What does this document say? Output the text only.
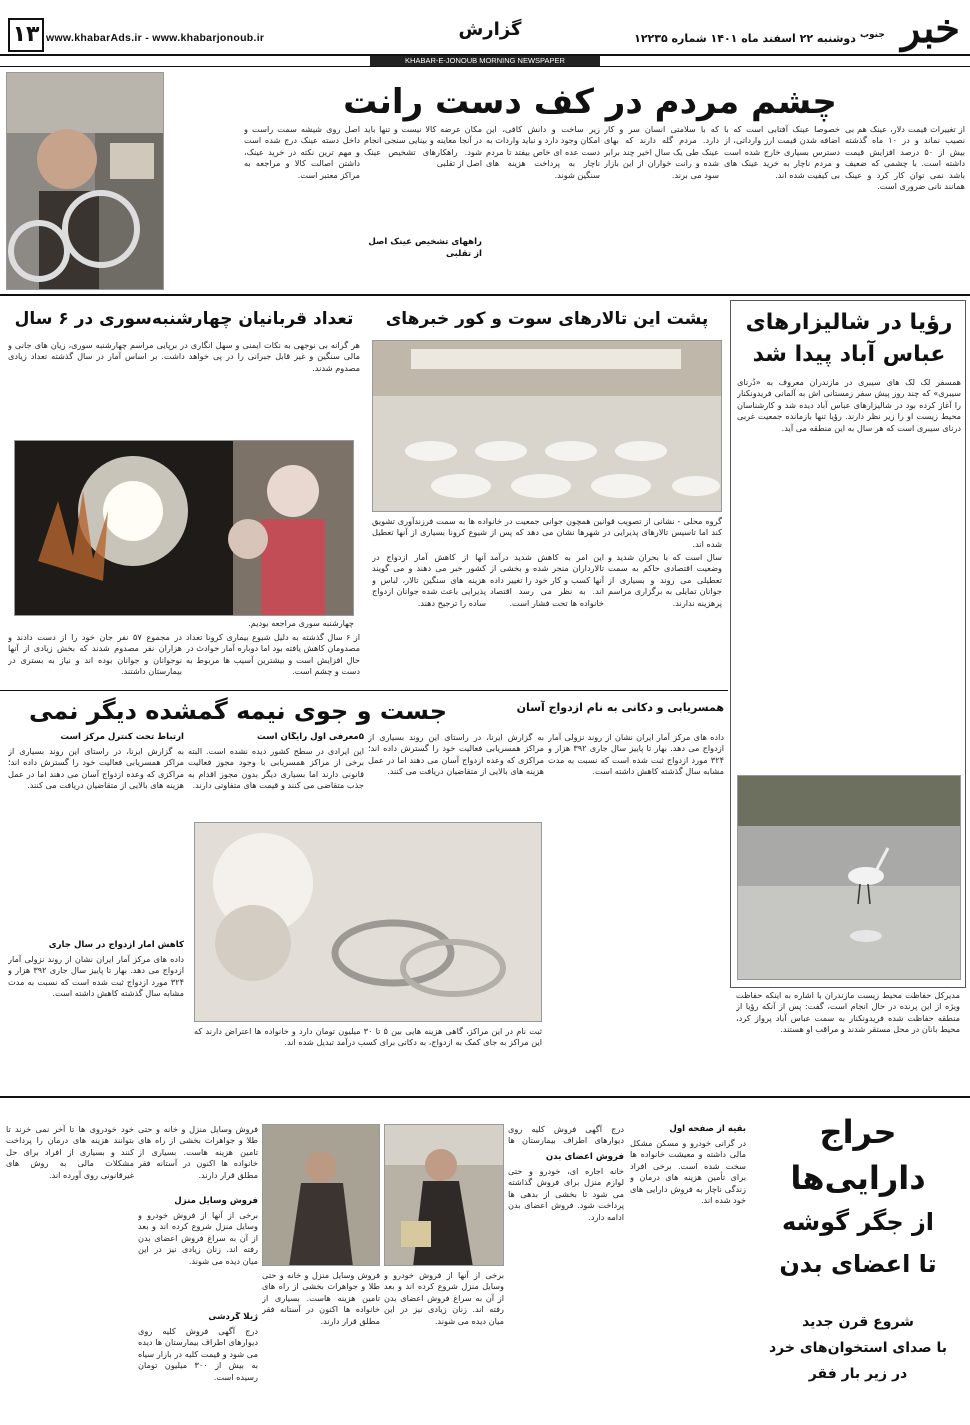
۱۳ www.khabarAds.ir - www.khabarjonoub.ir	گزارش	دوشنبه ۲۲ اسفند ماه ۱۴۰۱ شماره ۱۲۲۳۵	خبر
جنوب
KHABAR-E-JONOUB MORNING NEWSPAPER
چشم مردم در کف دست رانت
از تغییرات قیمت دلار، عینک هم بی نصیب نماند و در ۱۰ ماه گذشته بیش از ۵۰ درصد افزایش قیمت داشته است. با چشمی که ضعیف باشد نمی توان کار کرد و عینک همانند نانی ضروری است.
خصوصا عینک آفتابی است که با اضافه شدن قیمت ارز وارداتی، از دسترس بسیاری خارج شده است و مردم ناچار به خرید عینک های بی کیفیت شده اند.
که با سلامتی انسان سر و کار دارد. مردم گله دارند که بهای عینک طی یک سال اخیر چند برابر شده و رانت خواران از این بازار سود می برند.
زیر ساخت و دانش کافی، این امکان وجود دارد و نباید واردات به دست عده ای خاص بیفتد تا مردم ناچار به پرداخت هزینه های سنگین شوند.
مکان عرضه کالا نیست و تنها باید در آنجا معاینه و بینایی سنجی انجام شود. راهکارهای تشخیص عینک اصل از تقلبی
راههای تشخیص عینک اصل از تقلبی
اصل روی شیشه سمت راست و داخل دسته عینک درج شده است و مهم ترین نکته در خرید عینک، داشتن اصالت کالا و مراجعه به مراکز معتبر است.
رؤیا در شالیزارهای
عباس آباد پیدا شد
همسفر لک لک های سیبری در مازندران معروف به «دُرنای سیبری» که چند روز پیش سفر زمستانی اش به آلمانی فریدونکنار را آغاز کرده بود در شالیزارهای عباس آباد دیده شد و کارشناسان محیط زیست او را زیر نظر دارند. رؤیا تنها بازمانده جمعیت غربی درنای سیبری است که هر سال به این منطقه می آید.
مدیرکل حفاظت محیط زیست مازندران با اشاره به اینکه حفاظت ویژه از این پرنده در حال انجام است، گفت: پس از آنکه رؤیا از منطقه حفاظت شده فریدونکنار به سمت عباس آباد پرواز کرد، محیط بانان در محل مستقر شدند و مراقب او هستند.
پشت این تالارهای سوت و کور خبرهای
گروه محلی - نشانی از تصویب قوانین همچون جوانی جمعیت در خانواده ها به سمت فرزندآوری تشویق کند اما تاسیس تالارهای پذیرایی در شهرها نشان می دهد که پس از شیوع کرونا بسیاری از آنها تعطیل شده اند.
سال است که با بحران شدید و وضعیت اقتصادی حاکم به سمت تعطیلی می روند و بسیاری از جوانان تمایلی به برگزاری مراسم پرهزینه ندارند.
این امر به کاهش شدید درآمد تالارداران منجر شده و بخشی از آنها کسب و کار خود را تغییر داده اند. به نظر می رسد اقتصاد خانواده ها تحت فشار است.
آنها از کاهش آمار ازدواج در کشور خبر می دهند و می گویند هزینه های سنگین تالار، لباس و پذیرایی باعث شده جوانان ازدواج ساده را ترجیح دهند.
تعداد قربانیان چهارشنبه‌سوری در ۶ سال
هر گرانه بی نوجهی به نکات ایمنی و سهل انگاری در برپایی مراسم چهارشنبه سوری، زیان های جانی و مالی سنگین و غیر قابل جبرانی را در پی خواهد داشت. بر اساس آمار در سال گذشته تعداد زیادی مصدوم شدند.
چهارشنبه سوری مراجعه بودیم.
از ۶ سال گذشته به دلیل شیوع بیماری کرونا تعداد مصدومان کاهش یافته بود اما دوباره آمار حوادث در حال افزایش است و بیشترین آسیب ها مربوط به دست و چشم است.
در مجموع ۵۷ نفر جان خود را از دست دادند و هزاران نفر مصدوم شدند که بخش زیادی از آنها نوجوانان و جوانان بوده اند و نیاز به بستری در بیمارستان داشتند.
همسریابی و دکانی به نام ازدواج آسان
جست و جوی نیمه گمشده دیگر نمی
داده های مرکز آمار ایران نشان از روند نزولی آمار ازدواج می دهد. بهار تا پاییز سال جاری ۳۹۲ هزار و ۳۲۴ مورد ازدواج ثبت شده است که نسبت به مدت مشابه سال گذشته کاهش داشته است.
به گزارش ایرنا، در راستای این روند بسیاری از مراکز همسریابی فعالیت خود را گسترش داده اند؛ مراکزی که وعده ازدواج آسان می دهند اما در عمل هزینه های بالایی از متقاضیان دریافت می کنند.
۵معرفی اول رایگان است
این ایرادی در سطح کشور دیده نشده است. البته برخی از مراکز همسریابی با وجود مجوز فعالیت قانونی دارند اما بسیاری دیگر بدون مجوز اقدام به جذب متقاضی می کنند و قیمت های متفاوتی دارند.
ثبت نام در این مراکز، گاهی هزینه هایی بین ۵ تا ۳۰ میلیون تومان دارد و خانواده ها اعتراض دارند که این مراکز به جای کمک به ازدواج، به دکانی برای کسب درآمد تبدیل شده اند.
ارتباط تحت کنترل مرکز است
به گزارش ایرنا، در راستای این روند بسیاری از مراکز همسریابی فعالیت خود را گسترش داده اند؛ مراکزی که وعده ازدواج آسان می دهند اما در عمل هزینه های بالایی از متقاضیان دریافت می کنند.
کاهش آمار ازدواج در سال جاری
داده های مرکز آمار ایران نشان از روند نزولی آمار ازدواج می دهد. بهار تا پاییز سال جاری ۳۹۲ هزار و ۳۲۴ مورد ازدواج ثبت شده است که نسبت به مدت مشابه سال گذشته کاهش داشته است.
حراج
دارایی‌ها
از جگر گوشه
تا اعضای بدن
شروع قرن جدید
با صدای استخوان‌های خرد
در زیر بار فقر
بقیه از صفحه اول
در گرانی خودرو و مسکن مشکل مالی داشته و معیشت خانواده ها سخت شده است. برخی افراد برای تأمین هزینه های درمان و زندگی ناچار به فروش دارایی های خود شده اند.
درج آگهی فروش کلیه روی دیوارهای اطراف بیمارستان ها
فروش اعضای بدن
خانه اجاره ای، خودرو و حتی لوازم منزل برای فروش گذاشته می شود تا بخشی از بدهی ها پرداخت شود. فروش اعضای بدن ادامه دارد.
برخی از آنها از فروش خودرو و وسایل منزل شروع کرده اند و بعد از آن به سراغ فروش اعضای بدن رفته اند. زنان زیادی نیز در این میان دیده می شوند.
فروش وسایل منزل و خانه و حتی طلا و جواهرات بخشی از راه های تامین هزینه هاست. بسیاری از خانواده ها اکنون در آستانه فقر مطلق قرار دارند.
فروش وسایل منزل و خانه و حتی طلا و جواهرات بخشی از راه های تامین هزینه هاست. بسیاری از خانواده ها اکنون در آستانه فقر مطلق قرار دارند.
فروش وسایل منزل
برخی از آنها از فروش خودرو و وسایل منزل شروع کرده اند و بعد از آن به سراغ فروش اعضای بدن رفته اند. زنان زیادی نیز در این میان دیده می شوند.
ژیلا گردشی
درج آگهی فروش کلیه روی دیوارهای اطراف بیمارستان ها دیده می شود و قیمت کلیه در بازار سیاه به بیش از ۳۰۰ میلیون تومان رسیده است.
خود خودروی ها تا آخر نمی خرند تا بتوانند هزینه های درمان را پرداخت کنند و بسیاری از افراد برای حل مشکلات مالی به روش های غیرقانونی روی آورده اند.
